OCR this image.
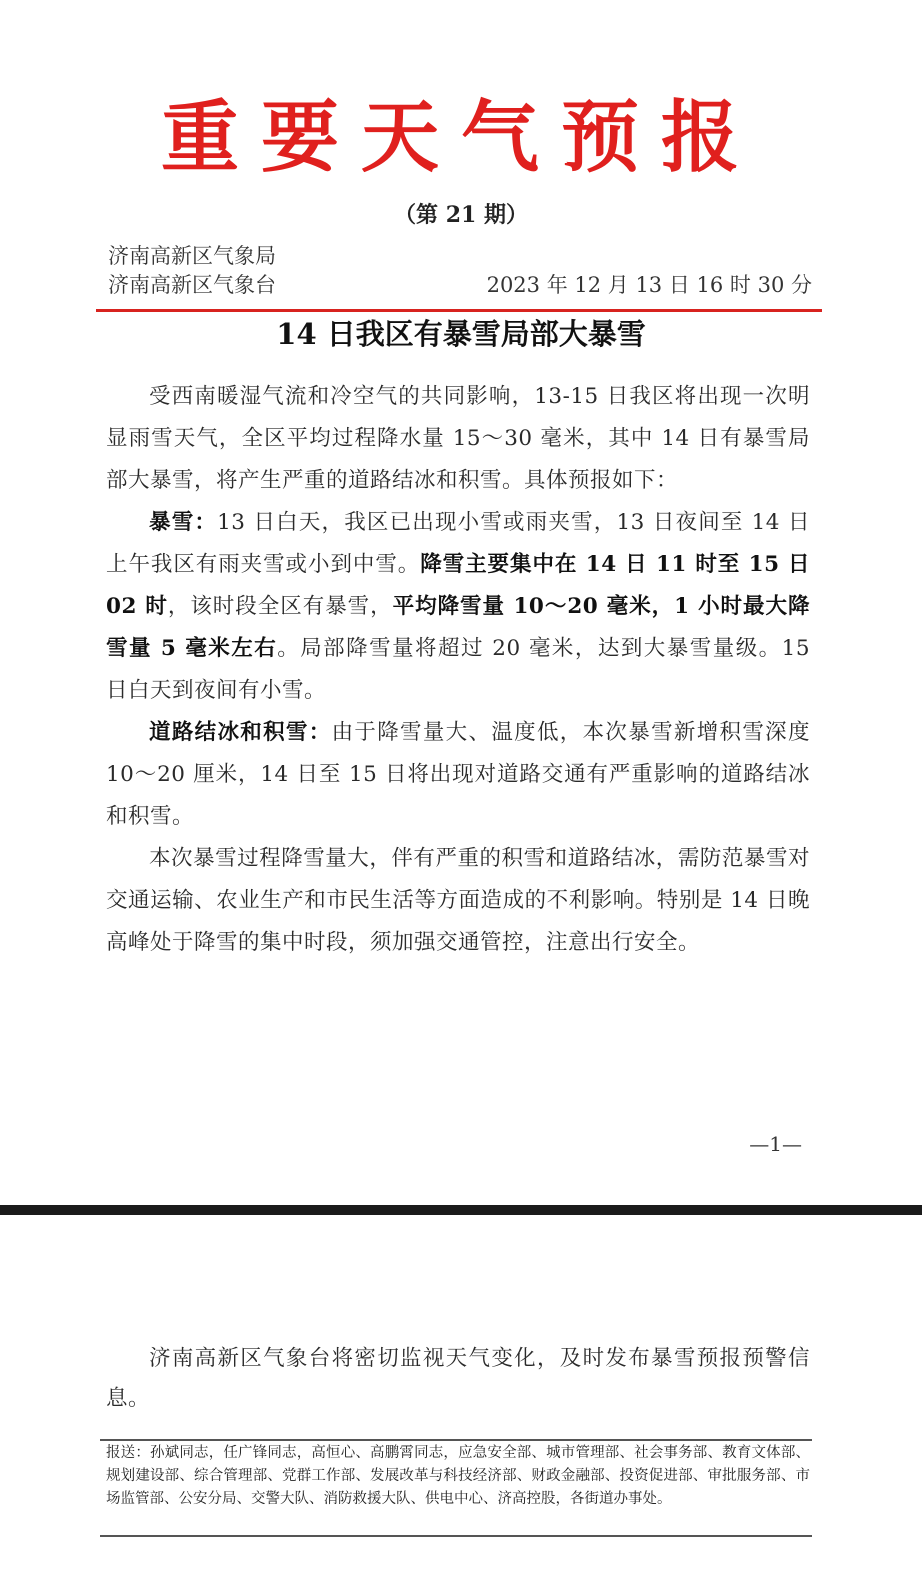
重要天气预报
（第 21 期）
济南高新区气象局
济南高新区气象台	2023 年 12 月 13 日 16 时 30 分
14 日我区有暴雪局部大暴雪

受西南暖湿气流和冷空气的共同影响，13-15 日我区将出现一次明显雨雪天气，全区平均过程降水量 15～30 毫米，其中 14 日有暴雪局部大暴雪，将产生严重的道路结冰和积雪。具体预报如下：

暴雪：13 日白天，我区已出现小雪或雨夹雪，13 日夜间至 14 日上午我区有雨夹雪或小到中雪。降雪主要集中在 14 日 11 时至 15 日 02 时，该时段全区有暴雪，平均降雪量 10～20 毫米，1 小时最大降雪量 5 毫米左右。局部降雪量将超过 20 毫米，达到大暴雪量级。15 日白天到夜间有小雪。

道路结冰和积雪：由于降雪量大、温度低，本次暴雪新增积雪深度 10～20 厘米，14 日至 15 日将出现对道路交通有严重影响的道路结冰和积雪。

本次暴雪过程降雪量大，伴有严重的积雪和道路结冰，需防范暴雪对交通运输、农业生产和市民生活等方面造成的不利影响。特别是 14 日晚高峰处于降雪的集中时段，须加强交通管控，注意出行安全。

—1—

济南高新区气象台将密切监视天气变化，及时发布暴雪预报预警信息。

报送：孙斌同志，任广锋同志，高恒心、高鹏霄同志，应急安全部、城市管理部、社会事务部、教育文体部、规划建设部、综合管理部、党群工作部、发展改革与科技经济部、财政金融部、投资促进部、审批服务部、市场监管部、公安分局、交警大队、消防救援大队、供电中心、济高控股，各街道办事处。
